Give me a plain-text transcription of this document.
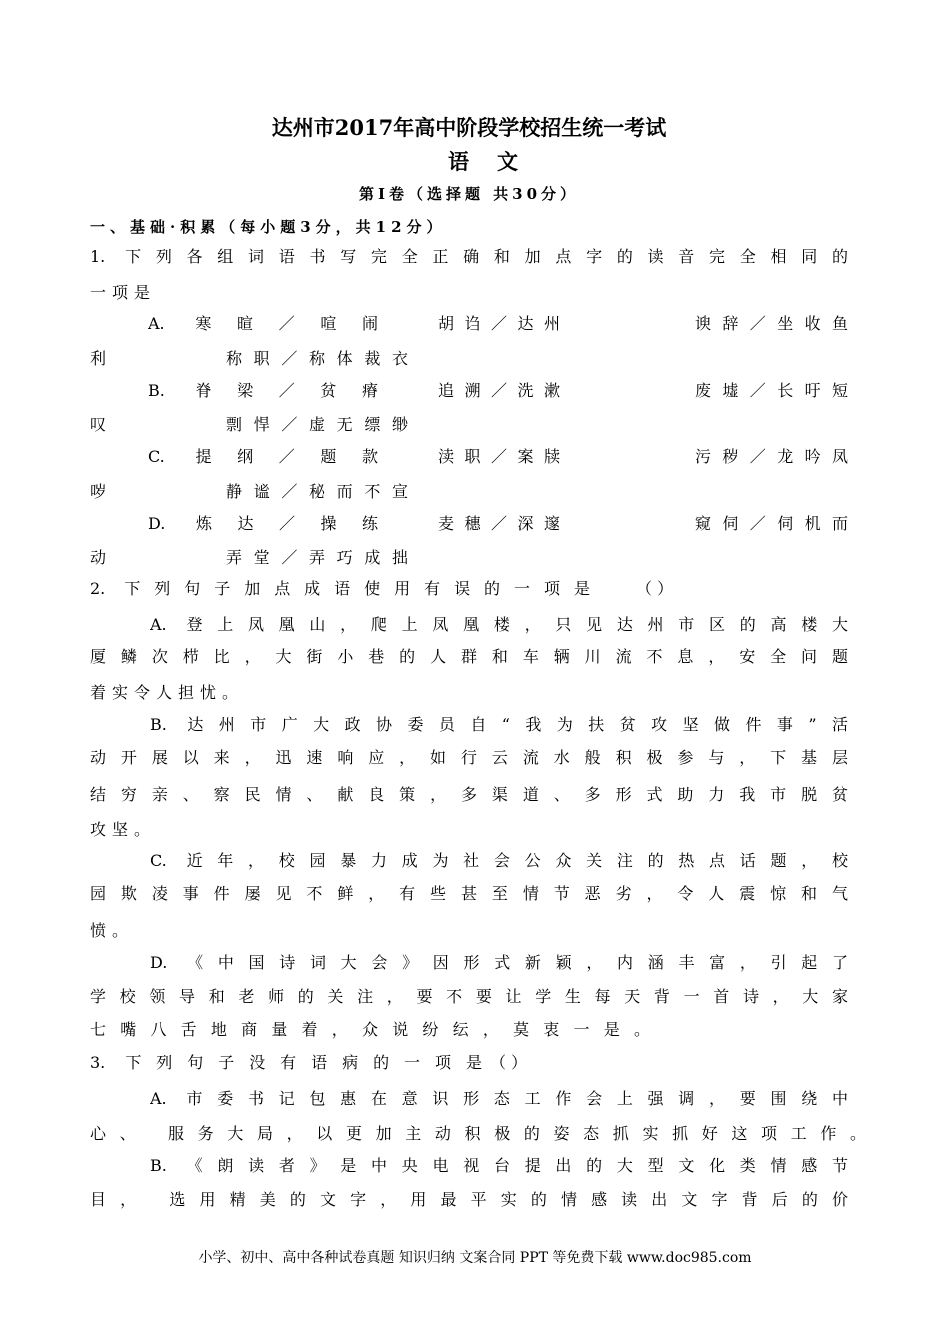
达州市2017年高中阶段学校招生统一考试
语文
第Ⅰ卷（选择题 共30分）
一、基础·积累（每小题3分，共12分）
1. 下列各组词语书写完全正确和加点字的读音完全相同的
一项是
A. 寒暄／喧闹	胡诌／达州	谀辞／坐收鱼
利	称职／称体裁衣
B. 脊梁／贫瘠	追溯／洗漱	废墟／长吁短
叹	剽悍／虚无缥缈
C. 提纲／题款	渎职／案牍	污秽／龙吟凤
哕	静谧／秘而不宣
D. 炼达／操练	麦穗／深邃	窥伺／伺机而
动	弄堂／弄巧成拙
2. 下列句子加点成语使用有误的一项是	（ ）
A. 登上凤凰山，爬上凤凰楼，只见达州市区的高楼大
厦鳞次栉比，大街小巷的人群和车辆川流不息，安全问题
着实令人担忧。
B. 达州市广大政协委员自“我为扶贫攻坚做件事”活
动开展以来，迅速响应，如行云流水般积极参与，下基层
结穷亲、察民情、献良策，多渠道、多形式助力我市脱贫
攻坚。
C. 近年，校园暴力成为社会公众关注的热点话题，校
园欺凌事件屡见不鲜，有些甚至情节恶劣，令人震惊和气
愤。
D. 《中国诗词大会》因形式新颖，内涵丰富，引起了
学校领导和老师的关注，要不要让学生每天背一首诗，大家
七嘴八舌地商量着，众说纷纭，莫衷一是。
3. 下列句子没有语病的一项是 （ ）
A. 市委书记包惠在意识形态工作会上强调，要围绕中
心、 服务大局，以更加主动积极的姿态抓实抓好这项工作。
B. 《朗读者》是中央电视台提出的大型文化类情感节
目， 选用精美的文字，用最平实的情感读出文字背后的价
小学、初中、高中各种试卷真题 知识归纳 文案合同 PPT 等免费下载 www.doc985.com
